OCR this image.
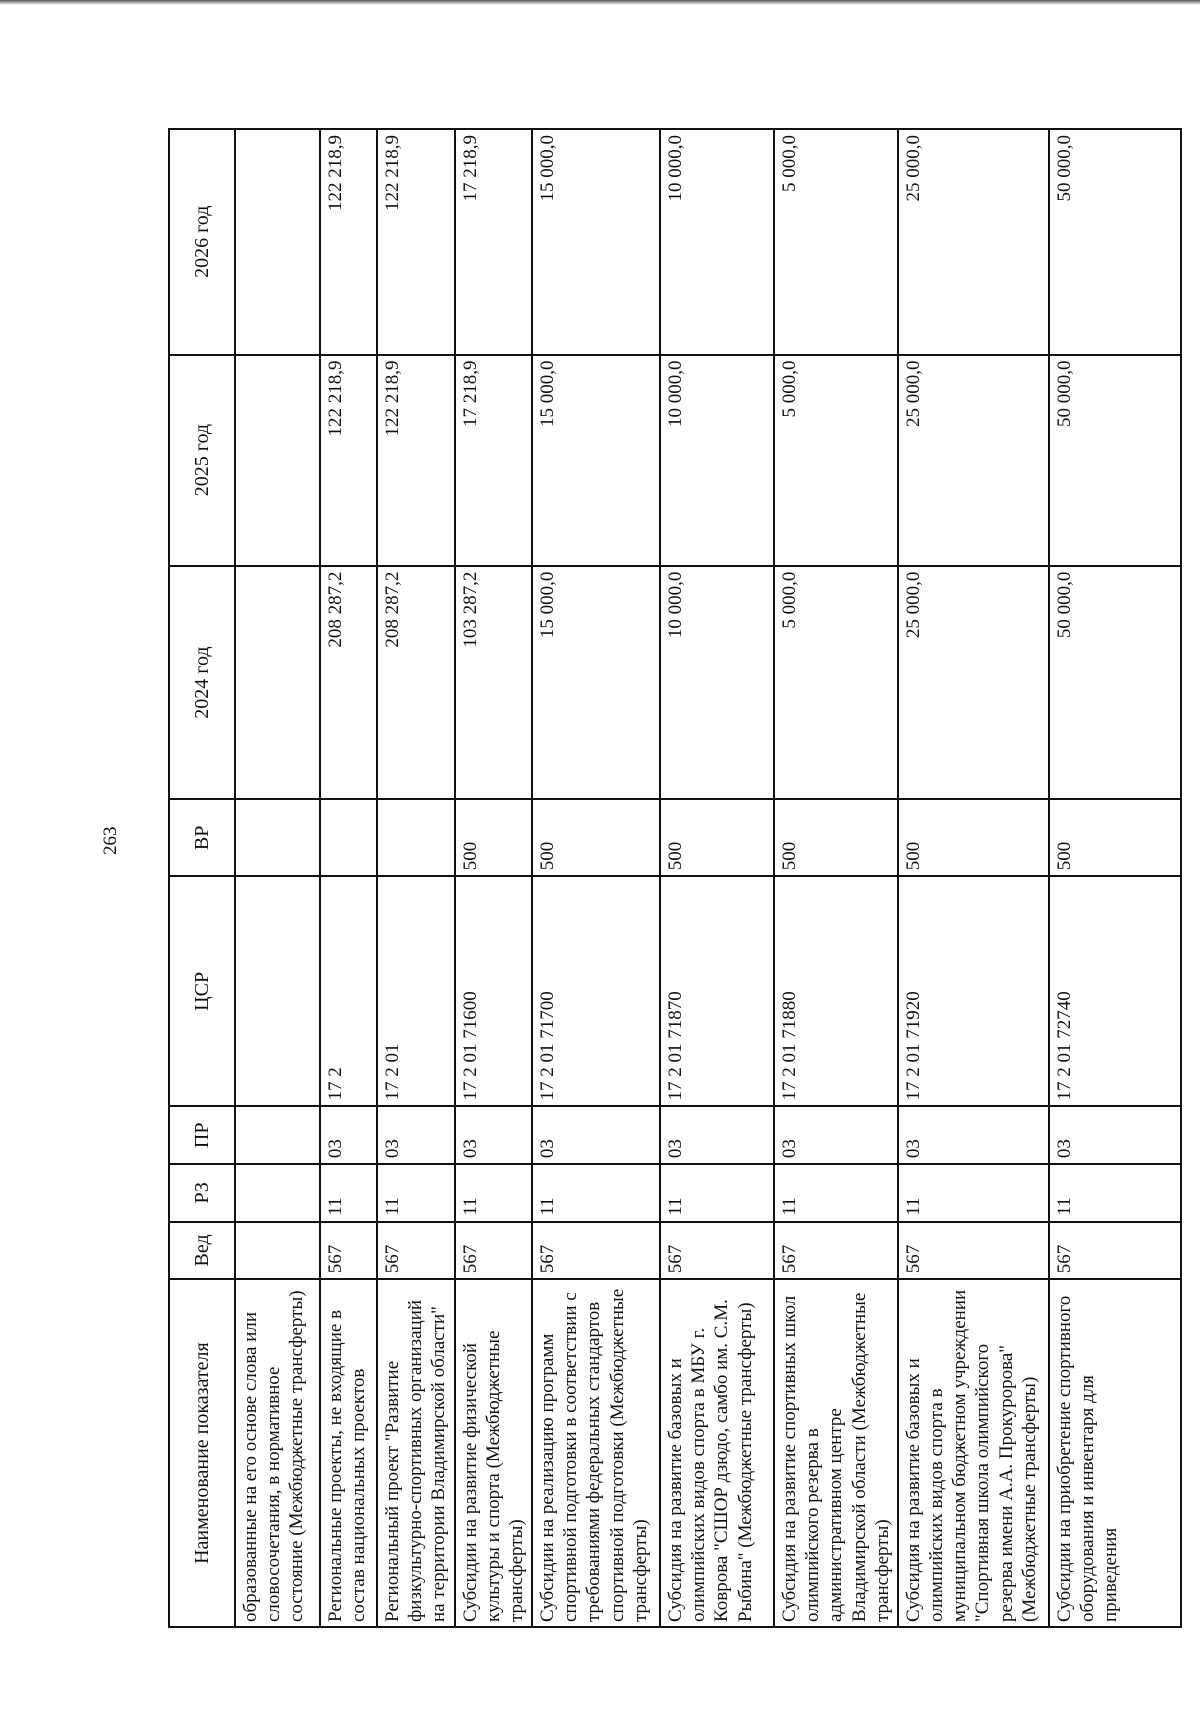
263
Наименование показателя	Вед	РЗ	ПР	ЦСР	ВР	2024 год	2025 год	2026 год
образованные на его основе слова или словосочетания, в нормативное состояние (Межбюджетные трансферты)								
Региональные проекты, не входящие в состав национальных проектов	567	11	03	17 2		208 287,2	122 218,9	122 218,9
Региональный проект "Развитие физкультурно-спортивных организаций на территории Владимирской области"	567	11	03	17 2 01		208 287,2	122 218,9	122 218,9
Субсидии на развитие физической культуры и спорта (Межбюджетные трансферты)	567	11	03	17 2 01 71600	500	103 287,2	17 218,9	17 218,9
Субсидии на реализацию программ спортивной подготовки в соответствии с требованиями федеральных стандартов спортивной подготовки (Межбюджетные трансферты)	567	11	03	17 2 01 71700	500	15 000,0	15 000,0	15 000,0
Субсидия на развитие базовых и олимпийских видов спорта в МБУ г. Коврова "СШОР дзюдо, самбо им. С.М. Рыбина" (Межбюджетные трансферты)	567	11	03	17 2 01 71870	500	10 000,0	10 000,0	10 000,0
Субсидия на развитие спортивных школ олимпийского резерва в административном центре Владимирской области (Межбюджетные трансферты)	567	11	03	17 2 01 71880	500	5 000,0	5 000,0	5 000,0
Субсидия на развитие базовых и олимпийских видов спорта в муниципальном бюджетном учреждении "Спортивная школа олимпийского резерва имени А.А. Прокуророва" (Межбюджетные трансферты)	567	11	03	17 2 01 71920	500	25 000,0	25 000,0	25 000,0
Субсидии на приобретение спортивного оборудования и инвентаря для приведения	567	11	03	17 2 01 72740	500	50 000,0	50 000,0	50 000,0
